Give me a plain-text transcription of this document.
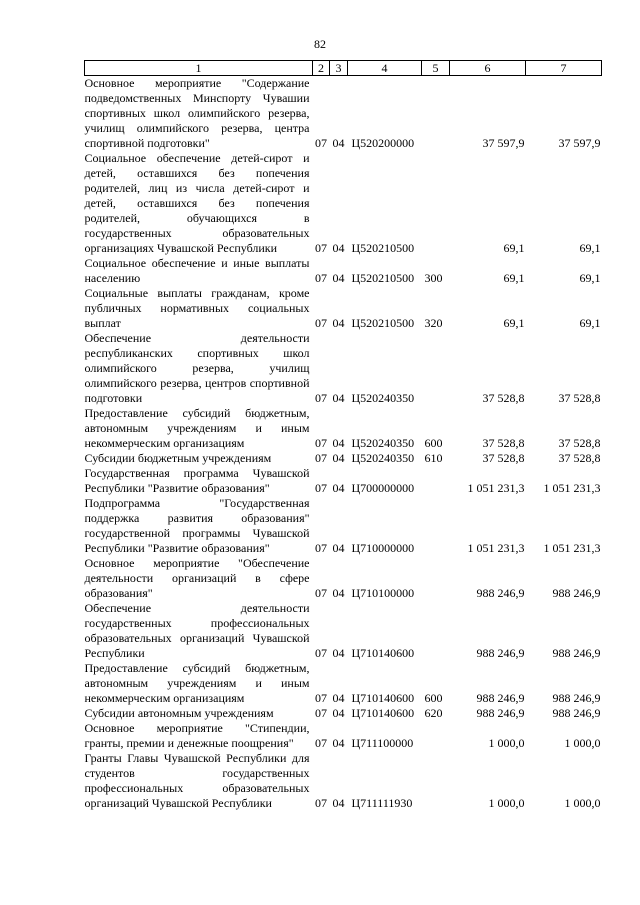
82
1	2	3	4	5	6	7
Основное мероприятие "Содержание подведомственных Минспорту Чувашии спортивных школ олимпийского резерва, училищ олимпийского резерва, центра спортивной подготовки"	07	04	Ц520200000		37 597,9	37 597,9
Социальное обеспечение детей-сирот и детей, оставшихся без попечения родителей, лиц из числа детей-сирот и детей, оставшихся без попечения родителей, обучающихся в государственных образовательных организациях Чувашской Республики	07	04	Ц520210500		69,1	69,1
Социальное обеспечение и иные выплаты населению	07	04	Ц520210500	300	69,1	69,1
Социальные выплаты гражданам, кроме публичных нормативных социальных выплат	07	04	Ц520210500	320	69,1	69,1
Обеспечение деятельности республиканских спортивных школ олимпийского резерва, училищ олимпийского резерва, центров спортивной подготовки	07	04	Ц520240350		37 528,8	37 528,8
Предоставление субсидий бюджетным, автономным учреждениям и иным некоммерческим организациям	07	04	Ц520240350	600	37 528,8	37 528,8
Субсидии бюджетным учреждениям	07	04	Ц520240350	610	37 528,8	37 528,8
Государственная программа Чувашской Республики "Развитие образования"	07	04	Ц700000000		1 051 231,3	1 051 231,3
Подпрограмма "Государственная поддержка развития образования" государственной программы Чувашской Республики "Развитие образования"	07	04	Ц710000000		1 051 231,3	1 051 231,3
Основное мероприятие "Обеспечение деятельности организаций в сфере образования"	07	04	Ц710100000		988 246,9	988 246,9
Обеспечение деятельности государственных профессиональных образовательных организаций Чувашской Республики	07	04	Ц710140600		988 246,9	988 246,9
Предоставление субсидий бюджетным, автономным учреждениям и иным некоммерческим организациям	07	04	Ц710140600	600	988 246,9	988 246,9
Субсидии автономным учреждениям	07	04	Ц710140600	620	988 246,9	988 246,9
Основное мероприятие "Стипендии, гранты, премии и денежные поощрения"	07	04	Ц711100000		1 000,0	1 000,0
Гранты Главы Чувашской Республики для студентов государственных профессиональных образовательных организаций Чувашской Республики	07	04	Ц711111930		1 000,0	1 000,0
